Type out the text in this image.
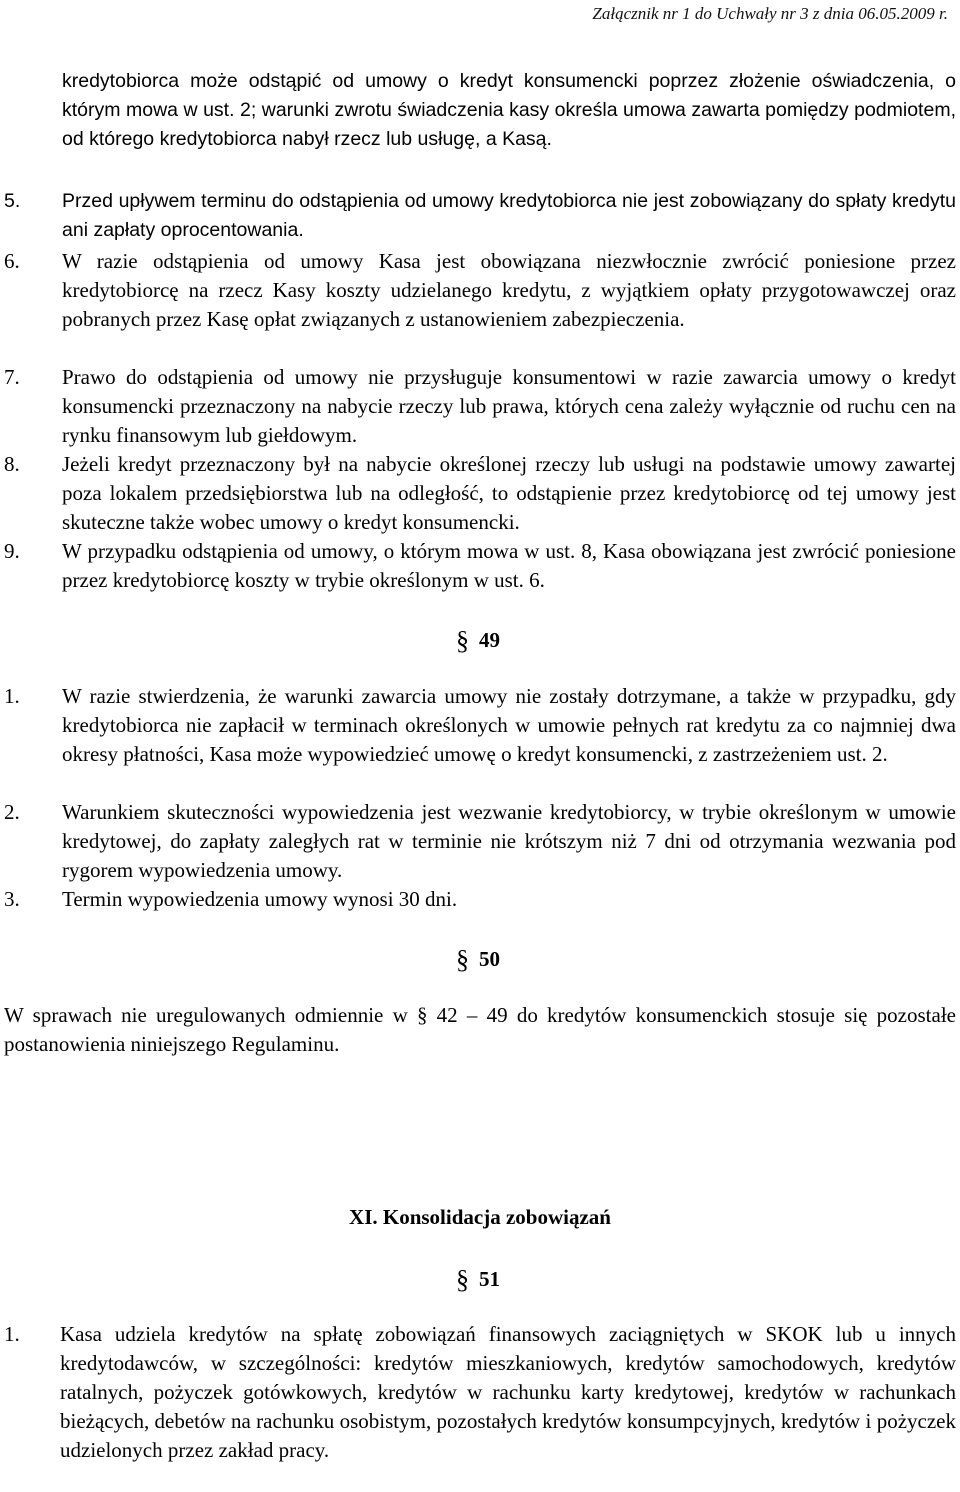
Załącznik nr 1 do Uchwały nr 3 z dnia 06.05.2009 r.
kredytobiorca może odstąpić od umowy o kredyt konsumencki poprzez złożenie oświadczenia, o którym mowa w ust. 2; warunki zwrotu świadczenia kasy określa umowa zawarta pomiędzy podmiotem, od którego kredytobiorca nabył rzecz lub usługę, a Kasą.
5. Przed upływem terminu do odstąpienia od umowy kredytobiorca nie jest zobowiązany do spłaty kredytu ani zapłaty oprocentowania.
6. W razie odstąpienia od umowy Kasa jest obowiązana niezwłocznie zwrócić poniesione przez kredytobiorcę na rzecz Kasy koszty udzielanego kredytu, z wyjątkiem opłaty przygotowawczej oraz pobranych przez Kasę opłat związanych z ustanowieniem zabezpieczenia.
7. Prawo do odstąpienia od umowy nie przysługuje konsumentowi w razie zawarcia umowy o kredyt konsumencki przeznaczony na nabycie rzeczy lub prawa, których cena zależy wyłącznie od ruchu cen na rynku finansowym lub giełdowym.
8. Jeżeli kredyt przeznaczony był na nabycie określonej rzeczy lub usługi na podstawie umowy zawartej poza lokalem przedsiębiorstwa lub na odległość, to odstąpienie przez kredytobiorcę od tej umowy jest skuteczne także wobec umowy o kredyt konsumencki.
9. W przypadku odstąpienia od umowy, o którym mowa w ust. 8, Kasa obowiązana jest zwrócić poniesione przez kredytobiorcę koszty w trybie określonym w ust. 6.
§ 49
1. W razie stwierdzenia, że warunki zawarcia umowy nie zostały dotrzymane, a także w przypadku, gdy kredytobiorca nie zapłacił w terminach określonych w umowie pełnych rat kredytu za co najmniej dwa okresy płatności, Kasa może wypowiedzieć umowę o kredyt konsumencki, z zastrzeżeniem ust. 2.
2. Warunkiem skuteczności wypowiedzenia jest wezwanie kredytobiorcy, w trybie określonym w umowie kredytowej, do zapłaty zaległych rat w terminie nie krótszym niż 7 dni od otrzymania wezwania pod rygorem wypowiedzenia umowy.
3. Termin wypowiedzenia umowy wynosi 30 dni.
§ 50
W sprawach nie uregulowanych odmiennie w § 42 – 49 do kredytów konsumenckich stosuje się pozostałe postanowienia niniejszego Regulaminu.
XI. Konsolidacja zobowiązań
§ 51
1. Kasa udziela kredytów na spłatę zobowiązań finansowych zaciągniętych w SKOK lub u innych kredytodawców, w szczególności: kredytów mieszkaniowych, kredytów samochodowych, kredytów ratalnych, pożyczek gotówkowych, kredytów w rachunku karty kredytowej, kredytów w rachunkach bieżących, debetów na rachunku osobistym, pozostałych kredytów konsumpcyjnych, kredytów i pożyczek udzielonych przez zakład pracy.
